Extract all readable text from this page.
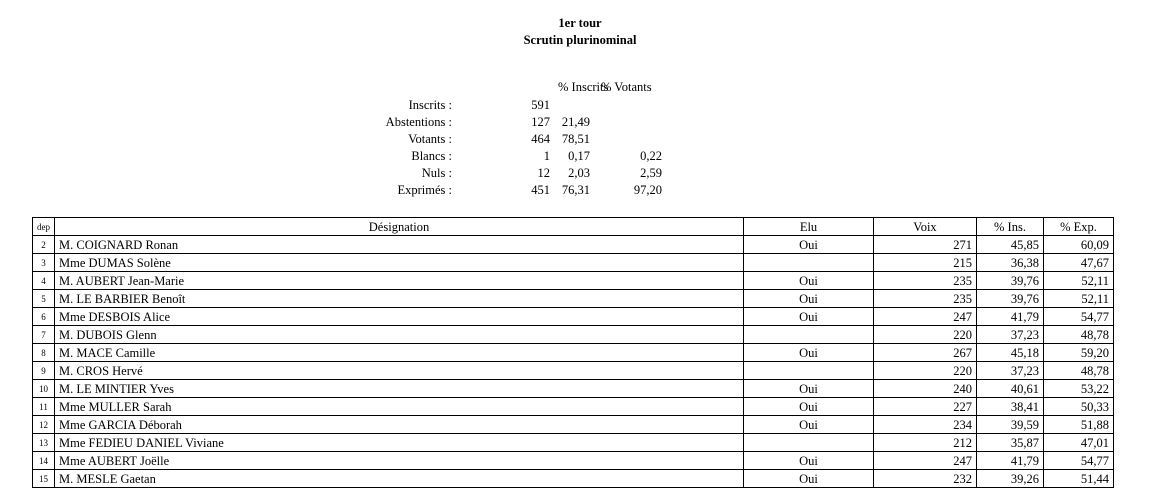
1er tour
Scrutin plurinominal
% Inscrits
% Votants
Inscrits :	591
Abstentions :	127 21,49
Votants :	464 78,51
Blancs :	1	0,17	0,22
Nuls :	12	2,03	2,59
Exprimés :	451 76,31	97,20
dep	Désignation	Elu	Voix	% Ins.	% Exp.
2	M. COIGNARD Ronan	Oui	271	45,85	60,09
3	Mme DUMAS Solène		215	36,38	47,67
4	M. AUBERT Jean-Marie	Oui	235	39,76	52,11
5	M. LE BARBIER Benoît	Oui	235	39,76	52,11
6	Mme DESBOIS Alice	Oui	247	41,79	54,77
7	M. DUBOIS Glenn		220	37,23	48,78
8	M. MACE Camille	Oui	267	45,18	59,20
9	M. CROS Hervé		220	37,23	48,78
10	M. LE MINTIER Yves	Oui	240	40,61	53,22
11	Mme MULLER Sarah	Oui	227	38,41	50,33
12	Mme GARCIA Déborah	Oui	234	39,59	51,88
13	Mme FEDIEU DANIEL Viviane		212	35,87	47,01
14	Mme AUBERT Joëlle	Oui	247	41,79	54,77
15	M. MESLE Gaetan	Oui	232	39,26	51,44
